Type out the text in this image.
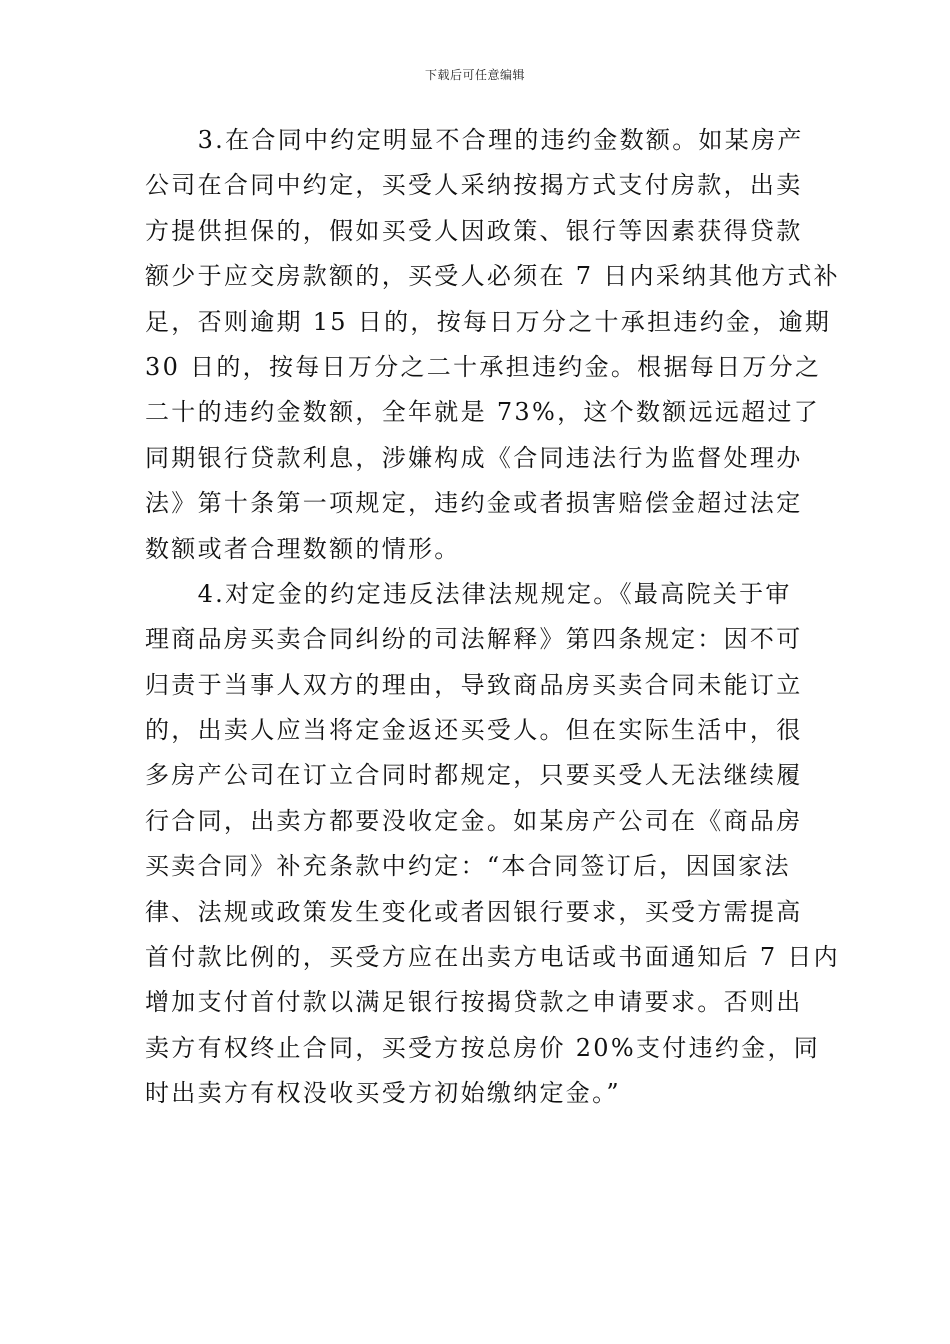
下载后可任意编辑
　　3.在合同中约定明显不合理的违约金数额。如某房产
公司在合同中约定，买受人采纳按揭方式支付房款，出卖
方提供担保的，假如买受人因政策、银行等因素获得贷款
额少于应交房款额的，买受人必须在 7 日内采纳其他方式补
足，否则逾期 15 日的，按每日万分之十承担违约金，逾期
30 日的，按每日万分之二十承担违约金。根据每日万分之
二十的违约金数额，全年就是 73%，这个数额远远超过了
同期银行贷款利息，涉嫌构成《合同违法行为监督处理办
法》第十条第一项规定，违约金或者损害赔偿金超过法定
数额或者合理数额的情形。
　　4.对定金的约定违反法律法规规定。《最高院关于审
理商品房买卖合同纠纷的司法解释》第四条规定：因不可
归责于当事人双方的理由，导致商品房买卖合同未能订立
的，出卖人应当将定金返还买受人。但在实际生活中，很
多房产公司在订立合同时都规定，只要买受人无法继续履
行合同，出卖方都要没收定金。如某房产公司在《商品房
买卖合同》补充条款中约定：“本合同签订后，因国家法
律、法规或政策发生变化或者因银行要求，买受方需提高
首付款比例的，买受方应在出卖方电话或书面通知后 7 日内
增加支付首付款以满足银行按揭贷款之申请要求。否则出
卖方有权终止合同，买受方按总房价 20%支付违约金，同
时出卖方有权没收买受方初始缴纳定金。”
